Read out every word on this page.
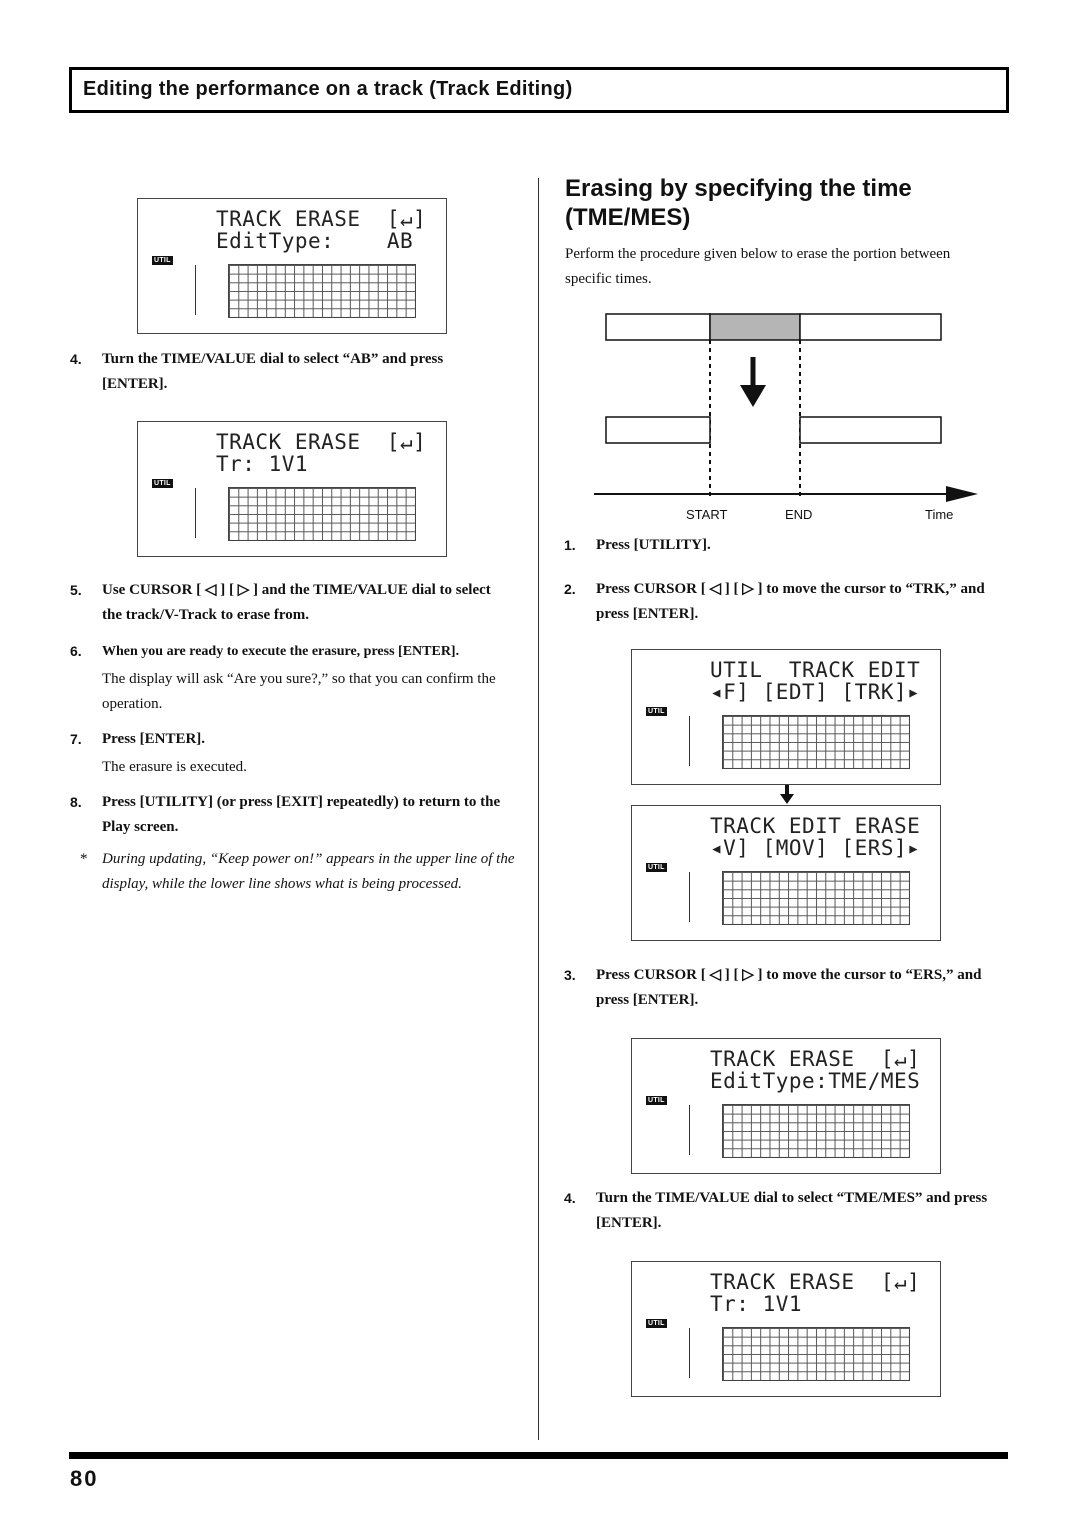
Editing the performance on a track (Track Editing)
TRACK ERASE  [↵]
EditType:    AB
UTIL
4. Turn the TIME/VALUE dial to select “AB” and press [ENTER].
TRACK ERASE  [↵]
Tr: 1V1
UTIL
5. Use CURSOR [ ◁ ] [ ▷ ] and the TIME/VALUE dial to select the track/V-Track to erase from.
6. When you are ready to execute the erasure, press [ENTER].
The display will ask “Are you sure?,” so that you can confirm the operation.
7. Press [ENTER].
The erasure is executed.
8. Press [UTILITY] (or press [EXIT] repeatedly) to return to the Play screen.
* During updating, “Keep power on!” appears in the upper line of the display, while the lower line shows what is being processed.
Erasing by specifying the time (TME/MES)
Perform the procedure given below to erase the portion between specific times.
START	END	Time
1. Press [UTILITY].
2. Press CURSOR [ ◁ ] [ ▷ ] to move the cursor to “TRK,” and press [ENTER].
UTIL  TRACK EDIT
◂F] [EDT] [TRK]▸
UTIL
TRACK EDIT ERASE
◂V] [MOV] [ERS]▸
UTIL
3. Press CURSOR [ ◁ ] [ ▷ ] to move the cursor to “ERS,” and press [ENTER].
TRACK ERASE  [↵]
EditType:TME/MES
UTIL
4. Turn the TIME/VALUE dial to select “TME/MES” and press [ENTER].
TRACK ERASE  [↵]
Tr: 1V1
UTIL
80
